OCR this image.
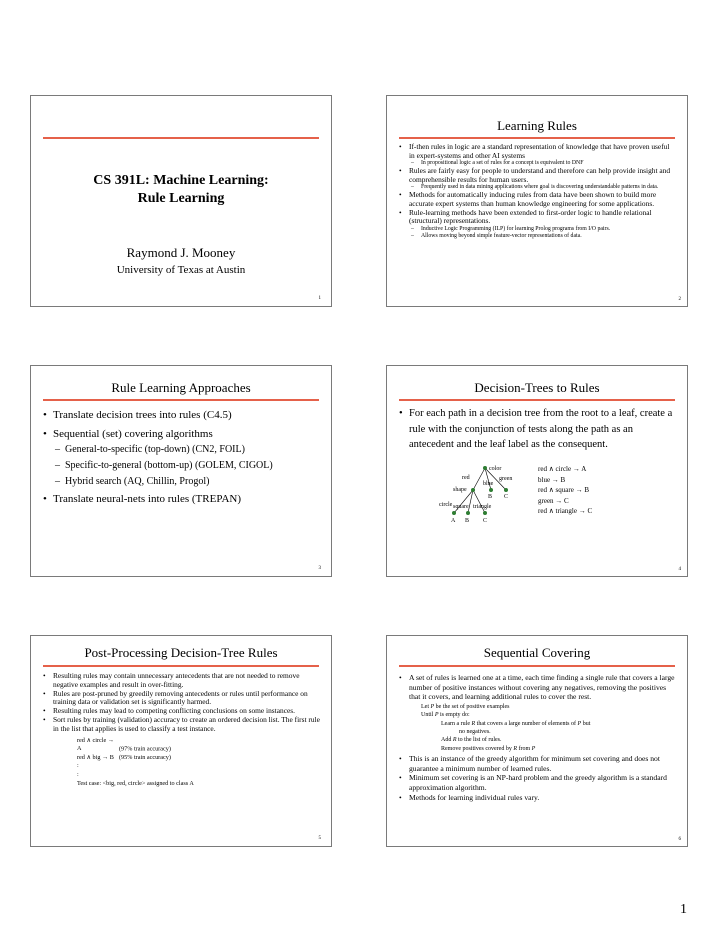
CS 391L: Machine Learning:
Rule Learning
Raymond J. Mooney
University of Texas at Austin
1
Learning Rules
• If-then rules in logic are a standard representation of knowledge that have proven useful in expert-systems and other AI systems
– In propositional logic a set of rules for a concept is equivalent to DNF
• Rules are fairly easy for people to understand and therefore can help provide insight and comprehensible results for human users.
– Frequently used in data mining applications where goal is discovering understandable patterns in data.
• Methods for automatically inducing rules from data have been shown to build more accurate expert systems than human knowledge engineering for some applications.
• Rule-learning methods have been extended to first-order logic to handle relational (structural) representations.
– Inductive Logic Programming (ILP) for learning Prolog programs from I/O pairs.
– Allows moving beyond simple feature-vector representations of data.
2
Rule Learning Approaches
• Translate decision trees into rules (C4.5)
• Sequential (set) covering algorithms
– General-to-specific (top-down) (CN2, FOIL)
– Specific-to-general (bottom-up) (GOLEM, CIGOL)
– Hybrid search (AQ, Chillin, Progol)
• Translate neural-nets into rules (TREPAN)
3
Decision-Trees to Rules
• For each path in a decision tree from the root to a leaf, create a rule with the conjunction of tests along the path as an antecedent and the leaf label as the consequent.
color
red
blue
green
shape
B C
circle square triangle
A B C
red ∧ circle → A
blue → B
red ∧ square → B
green → C
red ∧ triangle → C
4
Post-Processing Decision-Tree Rules
• Resulting rules may contain unnecessary antecedents that are not needed to remove negative examples and result in over-fitting.
• Rules are post-pruned by greedily removing antecedents or rules until performance on training data or validation set is significantly harmed.
• Resulting rules may lead to competing conflicting conclusions on some instances.
• Sort rules by training (validation) accuracy to create an ordered decision list. The first rule in the list that applies is used to classify a test instance.
red ∧ circle → A	(97% train accuracy)
red ∧ big → B (95% train accuracy)
:
:
Test case: <big, red, circle> assigned to class A
5
Sequential Covering
• A set of rules is learned one at a time, each time finding a single rule that covers a large number of positive instances without covering any negatives, removing the positives that it covers, and learning additional rules to cover the rest.
Let P be the set of positive examples
Until P is empty do:
Learn a rule R that covers a large number of elements of P but
no negatives.
Add R to the list of rules.
Remove positives covered by R from P
• This is an instance of the greedy algorithm for minimum set covering and does not guarantee a minimum number of learned rules.
• Minimum set covering is an NP-hard problem and the greedy algorithm is a standard approximation algorithm.
• Methods for learning individual rules vary.
6
1
